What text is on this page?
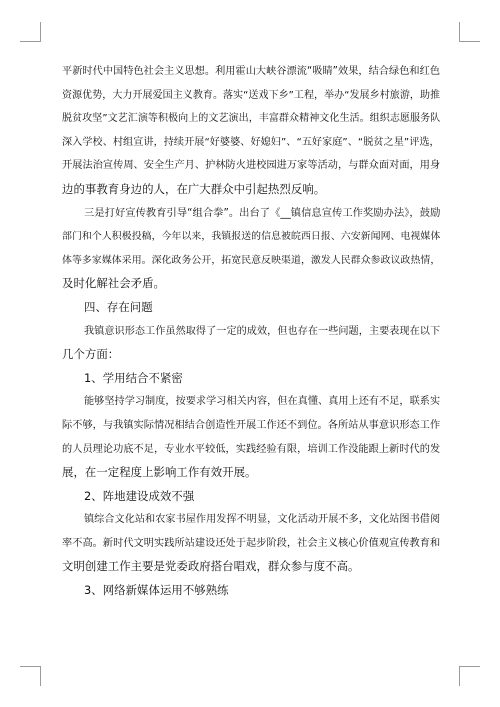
平新时代中国特色社会主义思想。利用霍山大峡谷漂流“吸睛”效果，结合绿色和红色
资源优势，大力开展爱国主义教育。落实“送戏下乡”工程，举办“发展乡村旅游，助推
脱贫攻坚”文艺汇演等积极向上的文艺演出，丰富群众精神文化生活。组织志愿服务队
深入学校、村组宣讲，持续开展“好婆婆、好媳妇”、“五好家庭”、“脱贫之星”评选，
开展法治宣传周、安全生产月、护林防火进校园进万家等活动，与群众面对面，用身
边的事教育身边的人，在广大群众中引起热烈反响。
三是打好宣传教育引导“组合拳”。出台了《__镇信息宣传工作奖励办法》，鼓励
部门和个人积极投稿，今年以来，我镇报送的信息被皖西日报、六安新闻网、电视媒体
体等多家媒体采用。深化政务公开，拓宽民意反映渠道，激发人民群众参政议政热情，
及时化解社会矛盾。
四、存在问题
我镇意识形态工作虽然取得了一定的成效，但也存在一些问题，主要表现在以下
几个方面：
1、学用结合不紧密
能够坚持学习制度，按要求学习相关内容，但在真懂、真用上还有不足，联系实
际不够，与我镇实际情况相结合创造性开展工作还不到位。各所站从事意识形态工作
的人员理论功底不足，专业水平较低，实践经验有限，培训工作没能跟上新时代的发
展，在一定程度上影响工作有效开展。
2、阵地建设成效不强
镇综合文化站和农家书屋作用发挥不明显，文化活动开展不多，文化站图书借阅
率不高。新时代文明实践所站建设还处于起步阶段，社会主义核心价值观宣传教育和
文明创建工作主要是党委政府搭台唱戏，群众参与度不高。
3、网络新媒体运用不够熟练
